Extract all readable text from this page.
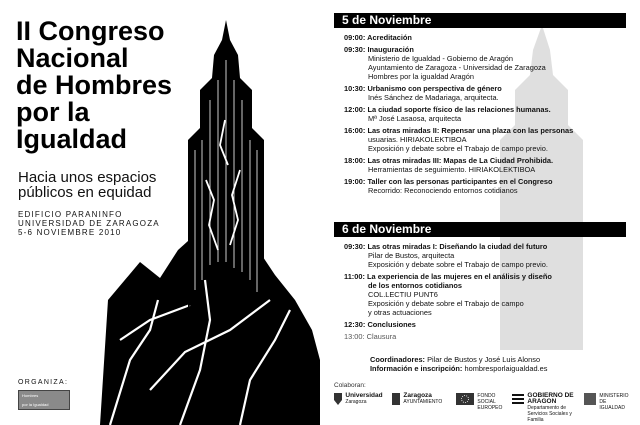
II Congreso
Nacional
de Hombres
por la
Igualdad
Hacia unos espacios
públicos en equidad
EDIFICIO PARANINFO
UNIVERSIDAD DE ZARAGOZA
5-6 NOVIEMBRE 2010
ORGANIZA:
Hombres
por la Igualdad
5 de Noviembre
09:00: Acreditación
09:30: Inauguración
Ministerio de Igualdad - Gobierno de Aragón
Ayuntamiento de Zaragoza - Universidad de Zaragoza
Hombres por la igualdad Aragón
10:30: Urbanismo con perspectiva de género
Inés Sánchez de Madariaga, arquitecta.
12:00: La ciudad soporte físico de las relaciones humanas.
Mª José Lasaosa, arquitecta
16:00: Las otras miradas II: Repensar una plaza con las personas
usuarias. HIRIAKOLEKTIBOA
Exposición y debate sobre el Trabajo de campo previo.
18:00: Las otras miradas III: Mapas de La Ciudad Prohibida.
Herramientas de seguimiento. HIRIAKOLEKTIBOA
19:00: Taller con las personas participantes en el Congreso
Recorrido: Reconociendo entornos cotidianos
6 de Noviembre
09:30: Las otras miradas I: Diseñando la ciudad del futuro
Pilar de Bustos, arquitecta
Exposición y debate sobre el Trabajo de campo previo.
11:00: La experiencia de las mujeres en el análisis y diseño
de los entornos cotidianos
COL.LECTIU PUNT6
Exposición y debate sobre el Trabajo de campo
y otras actuaciones
12:30: Conclusiones
13:00: Clausura
Coordinadores: Pilar de Bustos y José Luis Alonso
Información e inscripción: hombresporlaigualdad.es
Colaboran:

Universidad
Zaragoza

Zaragoza
AYUNTAMIENTO
FONDO SOCIAL EUROPEO

GOBIERNO DE ARAGON
Departamento de Servicios Sociales y Familia
MINISTERIO DE IGUALDAD
